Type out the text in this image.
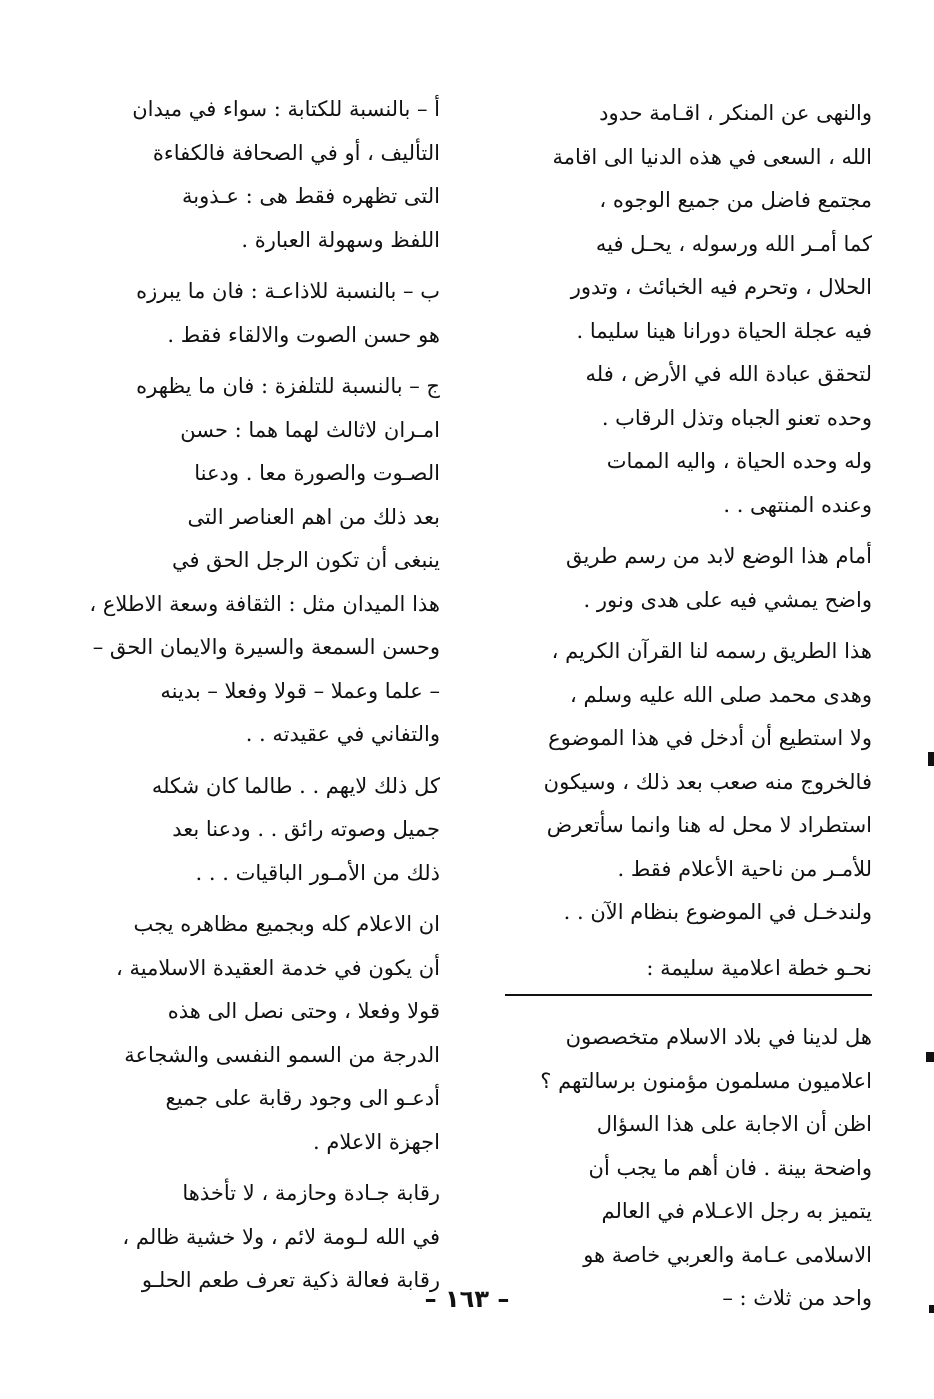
والنهى عن المنكر ، اقـامة حدود
الله ، السعى في هذه الدنيا الى اقامة
مجتمع فاضل من جميع الوجوه ،
كما أمـر الله ورسوله ، يحـل فيه
الحلال ، وتحرم فيه الخبائث ، وتدور
فيه عجلة الحياة دورانا هينا سليما .
لتحقق عبادة الله في الأرض ، فله
وحده تعنو الجباه وتذل الرقاب .
وله وحده الحياة ، واليه الممات
وعنده المنتهى . .
أمام هذا الوضع لابد من رسم طريق
واضح يمشي فيه على هدى ونور .
هذا الطريق رسمه لنا القرآن الكريم ،
وهدى محمد صلى الله عليه وسلم ،
ولا استطيع أن أدخل في هذا الموضوع
فالخروج منه صعب بعد ذلك ، وسيكون
استطراد لا محل له هنا وانما سأتعرض
للأمـر من ناحية الأعلام فقط .
ولندخـل في الموضوع بنظام الآن . .
نحـو خطة اعلامية سليمة :
هل لدينا في بلاد الاسلام متخصصون
اعلاميون مسلمون مؤمنون برسالتهم ؟
اظن أن الاجابة على هذا السؤال
واضحة بينة . فان أهم ما يجب أن
يتميز به رجل الاعـلام في العالم
الاسلامى عـامة والعربي خاصة هو
واحد من ثلاث : –
أ – بالنسبة للكتابة : سواء في ميدان
التأليف ، أو في الصحافة فالكفاءة
التى تظهره فقط هى : عـذوبة
اللفظ وسهولة العبارة .
ب – بالنسبة للاذاعـة : فان ما يبرزه
هو حسن الصوت والالقاء فقط .
ج – بالنسبة للتلفزة : فان ما يظهره
امـران لاثالث لهما هما : حسن
الصـوت والصورة معا . ودعنا
بعد ذلك من اهم العناصر التى
ينبغى أن تكون الرجل الحق في
هذا الميدان مثل : الثقافة وسعة الاطلاع ،
وحسن السمعة والسيرة والايمان الحق –
– علما وعملا – قولا وفعلا – بدينه
والتفاني في عقيدته . .
كل ذلك لايهم . . طالما كان شكله
جميل وصوته رائق . . ودعنا بعد
ذلك من الأمـور الباقيات . . .
ان الاعلام كله وبجميع مظاهره يجب
أن يكون في خدمة العقيدة الاسلامية ،
قولا وفعلا ، وحتى نصل الى هذه
الدرجة من السمو النفسى والشجاعة
أدعـو الى وجود رقابة على جميع
اجهزة الاعلام .
رقابة جـادة وحازمة ، لا تأخذها
في الله لـومة لائم ، ولا خشية ظالم ،
رقابة فعالة ذكية تعرف طعم الحلـو
– ١٦٣ –
